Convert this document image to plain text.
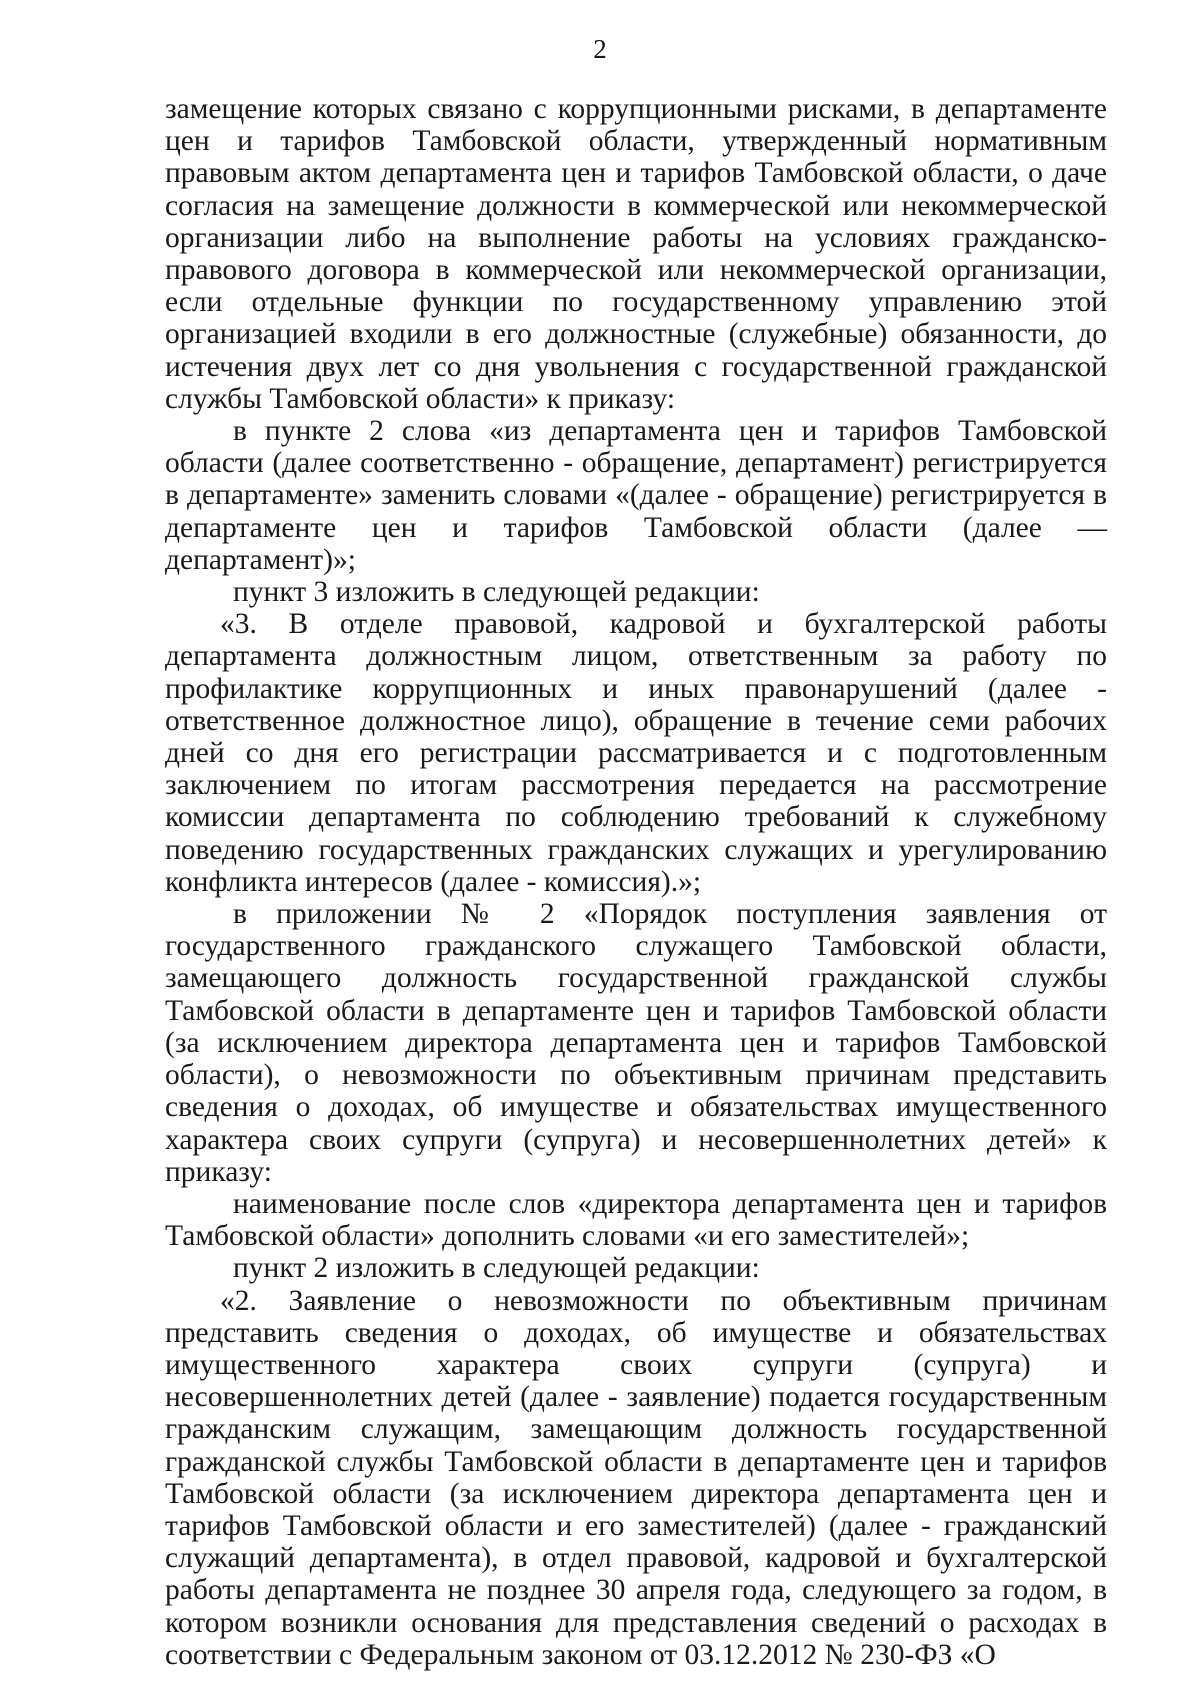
2

замещение которых связано с коррупционными рисками, в департаменте цен и тарифов Тамбовской области, утвержденный нормативным правовым актом департамента цен и тарифов Тамбовской области, о даче согласия на замещение должности в коммерческой или некоммерческой организации либо на выполнение работы на условиях гражданско-правового договора в коммерческой или некоммерческой организации, если отдельные функции по государственному управлению этой организацией входили в его должностные (служебные) обязанности, до истечения двух лет со дня увольнения с государственной гражданской службы Тамбовской области» к приказу:

в пункте 2 слова «из департамента цен и тарифов Тамбовской области (далее соответственно - обращение, департамент) регистрируется в департаменте» заменить словами «(далее - обращение) регистрируется в департаменте цен и тарифов Тамбовской области (далее — департамент)»;

пункт 3 изложить в следующей редакции:

«3. В отделе правовой, кадровой и бухгалтерской работы департамента должностным лицом, ответственным за работу по профилактике коррупционных и иных правонарушений (далее - ответственное должностное лицо), обращение в течение семи рабочих дней со дня его регистрации рассматривается и с подготовленным заключением по итогам рассмотрения передается на рассмотрение комиссии департамента по соблюдению требований к служебному поведению государственных гражданских служащих и урегулированию конфликта интересов (далее - комиссия).»;

в приложении № 2 «Порядок поступления заявления от государственного гражданского служащего Тамбовской области, замещающего должность государственной гражданской службы Тамбовской области в департаменте цен и тарифов Тамбовской области (за исключением директора департамента цен и тарифов Тамбовской области), о невозможности по объективным причинам представить сведения о доходах, об имуществе и обязательствах имущественного характера своих супруги (супруга) и несовершеннолетних детей» к приказу:

наименование после слов «директора департамента цен и тарифов Тамбовской области» дополнить словами «и его заместителей»;

пункт 2 изложить в следующей редакции:

«2. Заявление о невозможности по объективным причинам представить сведения о доходах, об имуществе и обязательствах имущественного характера своих супруги (супруга) и несовершеннолетних детей (далее - заявление) подается государственным гражданским служащим, замещающим должность государственной гражданской службы Тамбовской области в департаменте цен и тарифов Тамбовской области (за исключением директора департамента цен и тарифов Тамбовской области и его заместителей) (далее - гражданский служащий департамента), в отдел правовой, кадровой и бухгалтерской работы департамента не позднее 30 апреля года, следующего за годом, в котором возникли основания для представления сведений о расходах в соответствии с Федеральным законом от 03.12.2012 № 230-ФЗ «О
